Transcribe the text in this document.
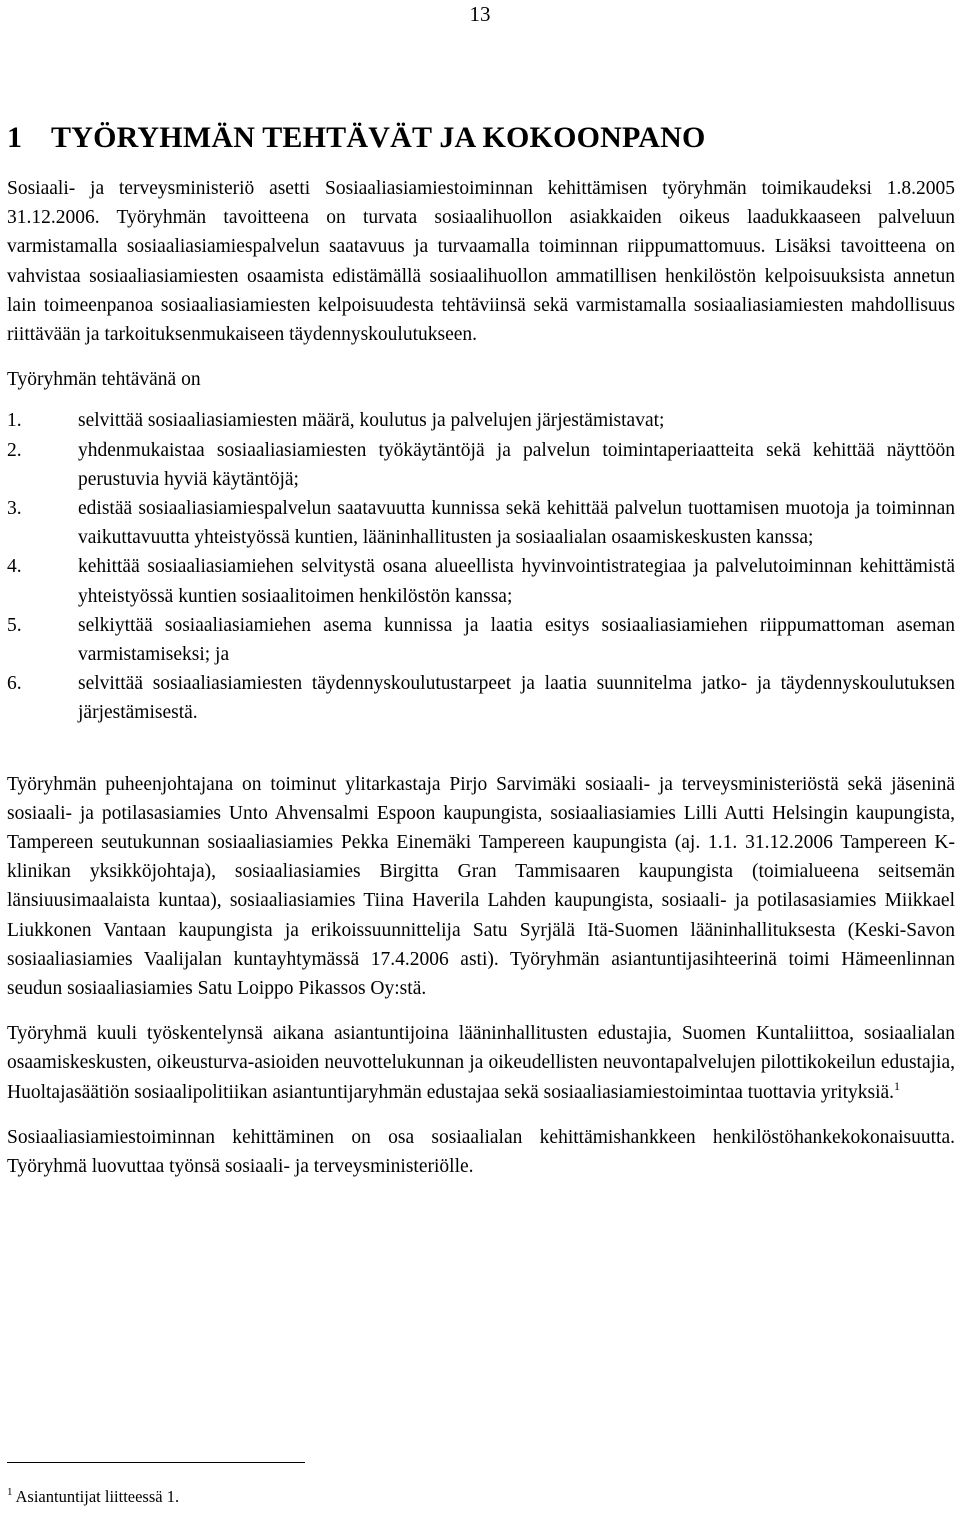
13
1 TYÖRYHMÄN TEHTÄVÄT JA KOKOONPANO

Sosiaali- ja terveysministeriö asetti Sosiaaliasiamiestoiminnan kehittämisen työryhmän toimikaudeksi 1.8.2005 31.12.2006. Työryhmän tavoitteena on turvata sosiaalihuollon asiakkaiden oikeus laadukkaaseen palveluun varmistamalla sosiaaliasiamiespalvelun saatavuus ja turvaamalla toiminnan riippumattomuus. Lisäksi tavoitteena on vahvistaa sosiaaliasiamiesten osaamista edistämällä sosiaalihuollon ammatillisen henkilöstön kelpoisuuksista annetun lain toimeenpanoa sosiaaliasiamiesten kelpoisuudesta tehtäviinsä sekä varmistamalla sosiaaliasiamiesten mahdollisuus riittävään ja tarkoituksenmukaiseen täydennyskoulutukseen.

Työryhmän tehtävänä on

1.	selvittää sosiaaliasiamiesten määrä, koulutus ja palvelujen järjestämistavat;
2.	yhdenmukaistaa sosiaaliasiamiesten työkäytäntöjä ja palvelun toimintaperiaatteita sekä kehittää näyttöön perustuvia hyviä käytäntöjä;
3.	edistää sosiaaliasiamiespalvelun saatavuutta kunnissa sekä kehittää palvelun tuottamisen muotoja ja toiminnan vaikuttavuutta yhteistyössä kuntien, lääninhallitusten ja sosiaalialan osaamiskeskusten kanssa;
4.	kehittää sosiaaliasiamiehen selvitystä osana alueellista hyvinvointistrategiaa ja palvelutoiminnan kehittämistä yhteistyössä kuntien sosiaalitoimen henkilöstön kanssa;
5.	selkiyttää sosiaaliasiamiehen asema kunnissa ja laatia esitys sosiaaliasiamiehen riippumattoman aseman varmistamiseksi; ja
6.	selvittää sosiaaliasiamiesten täydennyskoulutustarpeet ja laatia suunnitelma jatko- ja täydennyskoulutuksen järjestämisestä.

Työryhmän puheenjohtajana on toiminut ylitarkastaja Pirjo Sarvimäki sosiaali- ja terveysministeriöstä sekä jäseninä sosiaali- ja potilasasiamies Unto Ahvensalmi Espoon kaupungista, sosiaaliasiamies Lilli Autti Helsingin kaupungista, Tampereen seutukunnan sosiaaliasiamies Pekka Einemäki Tampereen kaupungista (aj. 1.1. 31.12.2006 Tampereen K-klinikan yksikköjohtaja), sosiaaliasiamies Birgitta Gran Tammisaaren kaupungista (toimialueena seitsemän länsiuusimaalaista kuntaa), sosiaaliasiamies Tiina Haverila Lahden kaupungista, sosiaali- ja potilasasiamies Miikkael Liukkonen Vantaan kaupungista ja erikoissuunnittelija Satu Syrjälä Itä-Suomen lääninhallituksesta (Keski-Savon sosiaaliasiamies Vaalijalan kuntayhtymässä 17.4.2006 asti). Työryhmän asiantuntijasihteerinä toimi Hämeenlinnan seudun sosiaaliasiamies Satu Loippo Pikassos Oy:stä.

Työryhmä kuuli työskentelynsä aikana asiantuntijoina lääninhallitusten edustajia, Suomen Kuntaliittoa, sosiaalialan osaamiskeskusten, oikeusturva-asioiden neuvottelukunnan ja oikeudellisten neuvontapalvelujen pilottikokeilun edustajia, Huoltajasäätiön sosiaalipolitiikan asiantuntijaryhmän edustajaa sekä sosiaaliasiamiestoimintaa tuottavia yrityksiä.$^1$

Sosiaaliasiamiestoiminnan kehittäminen on osa sosiaalialan kehittämishankkeen henkilöstöhankekokonaisuutta. Työryhmä luovuttaa työnsä sosiaali- ja terveysministeriölle.

$^1$ Asiantuntijat liitteessä 1.
